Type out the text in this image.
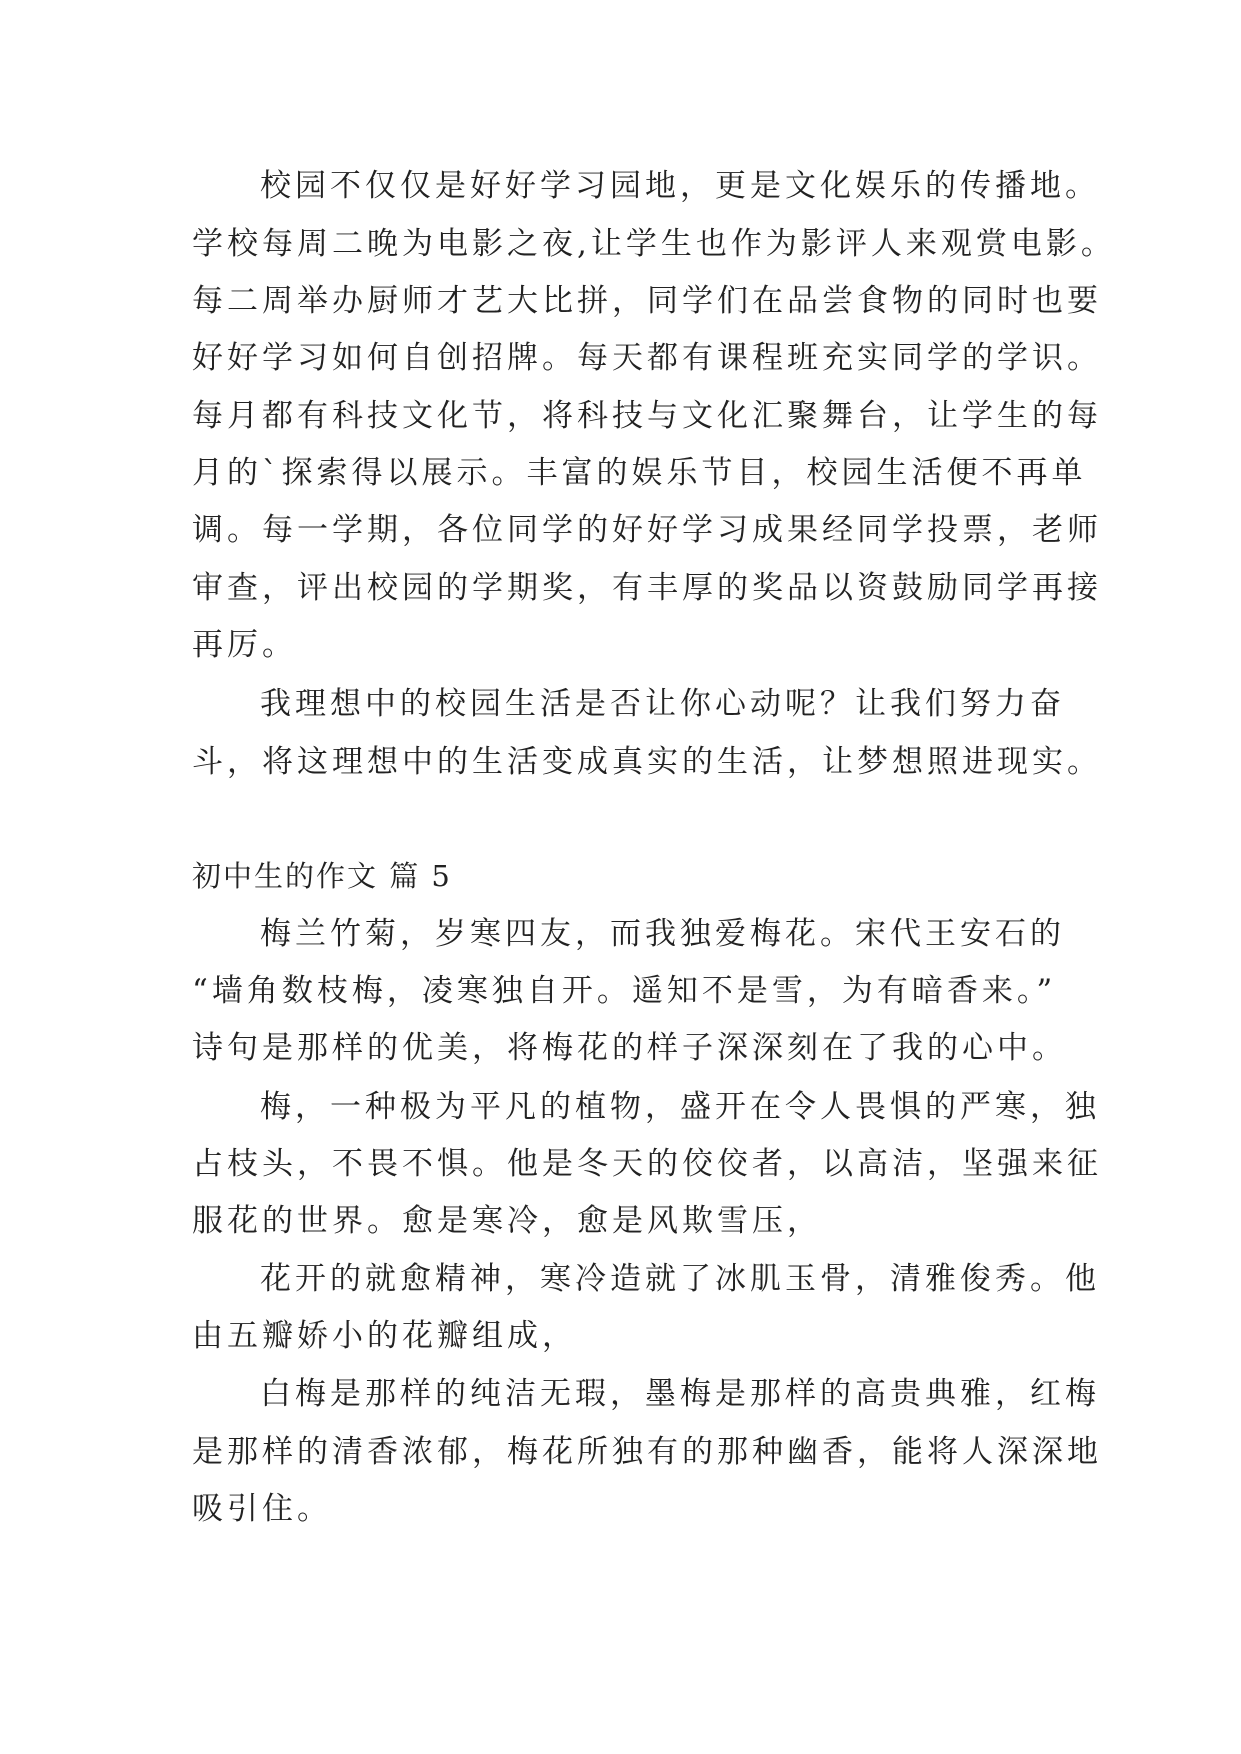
校园不仅仅是好好学习园地，更是文化娱乐的传播地。
学校每周二晚为电影之夜,让学生也作为影评人来观赏电影。
每二周举办厨师才艺大比拼，同学们在品尝食物的同时也要
好好学习如何自创招牌。每天都有课程班充实同学的学识。
每月都有科技文化节，将科技与文化汇聚舞台，让学生的每
月的`探索得以展示。丰富的娱乐节目，校园生活便不再单
调。每一学期，各位同学的好好学习成果经同学投票，老师
审查，评出校园的学期奖，有丰厚的奖品以资鼓励同学再接
再厉。
我理想中的校园生活是否让你心动呢？让我们努力奋
斗，将这理想中的生活变成真实的生活，让梦想照进现实。
初中生的作文 篇 5
梅兰竹菊，岁寒四友，而我独爱梅花。宋代王安石的
“墙角数枝梅，凌寒独自开。遥知不是雪，为有暗香来。”
诗句是那样的优美，将梅花的样子深深刻在了我的心中。
梅，一种极为平凡的植物，盛开在令人畏惧的严寒，独
占枝头，不畏不惧。他是冬天的佼佼者，以高洁，坚强来征
服花的世界。愈是寒冷，愈是风欺雪压，
花开的就愈精神，寒冷造就了冰肌玉骨，清雅俊秀。他
由五瓣娇小的花瓣组成，
白梅是那样的纯洁无瑕，墨梅是那样的高贵典雅，红梅
是那样的清香浓郁，梅花所独有的那种幽香，能将人深深地
吸引住。
